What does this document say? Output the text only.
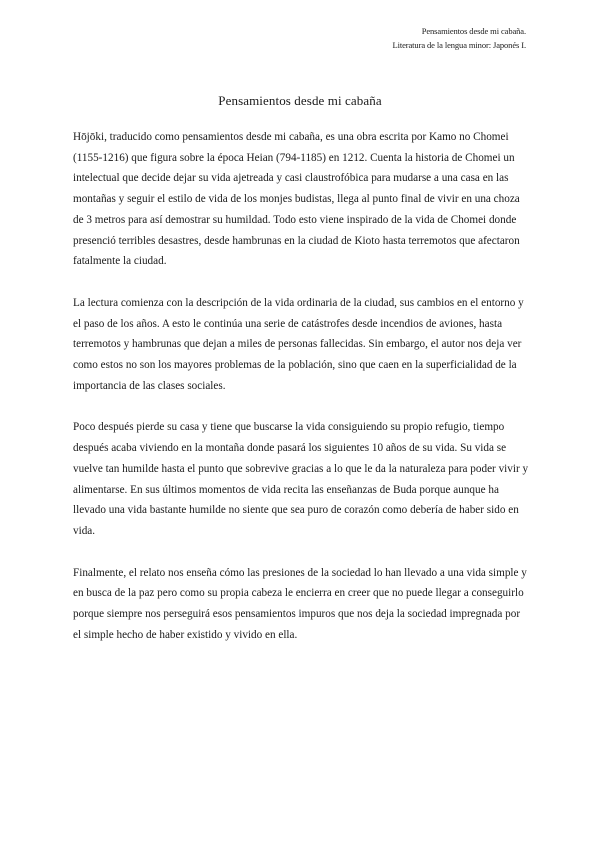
Pensamientos desde mi cabaña.
Literatura de la lengua minor: Japonés I.
Pensamientos desde mi cabaña

Hōjōki, traducido como pensamientos desde mi cabaña, es una obra escrita por Kamo no Chomei (1155-1216) que figura sobre la época Heian (794-1185) en 1212. Cuenta la historia de Chomei un intelectual que decide dejar su vida ajetreada y casi claustrofóbica para mudarse a una casa en las montañas y seguir el estilo de vida de los monjes budistas, llega al punto final de vivir en una choza de 3 metros para así demostrar su humildad. Todo esto viene inspirado de la vida de Chomei donde presenció terribles desastres, desde hambrunas en la ciudad de Kioto hasta terremotos que afectaron fatalmente la ciudad.

La lectura comienza con la descripción de la vida ordinaria de la ciudad, sus cambios en el entorno y el paso de los años. A esto le continúa una serie de catástrofes desde incendios de aviones, hasta terremotos y hambrunas que dejan a miles de personas fallecidas. Sin embargo, el autor nos deja ver como estos no son los mayores problemas de la población, sino que caen en la superficialidad de la importancia de las clases sociales.

Poco después pierde su casa y tiene que buscarse la vida consiguiendo su propio refugio, tiempo después acaba viviendo en la montaña donde pasará los siguientes 10 años de su vida. Su vida se vuelve tan humilde hasta el punto que sobrevive gracias a lo que le da la naturaleza para poder vivir y alimentarse. En sus últimos momentos de vida recita las enseñanzas de Buda porque aunque ha llevado una vida bastante humilde no siente que sea puro de corazón como debería de haber sido en vida.

Finalmente, el relato nos enseña cómo las presiones de la sociedad lo han llevado a una vida simple y en busca de la paz pero como su propia cabeza le encierra en creer que no puede llegar a conseguirlo porque siempre nos perseguirá esos pensamientos impuros que nos deja la sociedad impregnada por el simple hecho de haber existido y vivido en ella.
